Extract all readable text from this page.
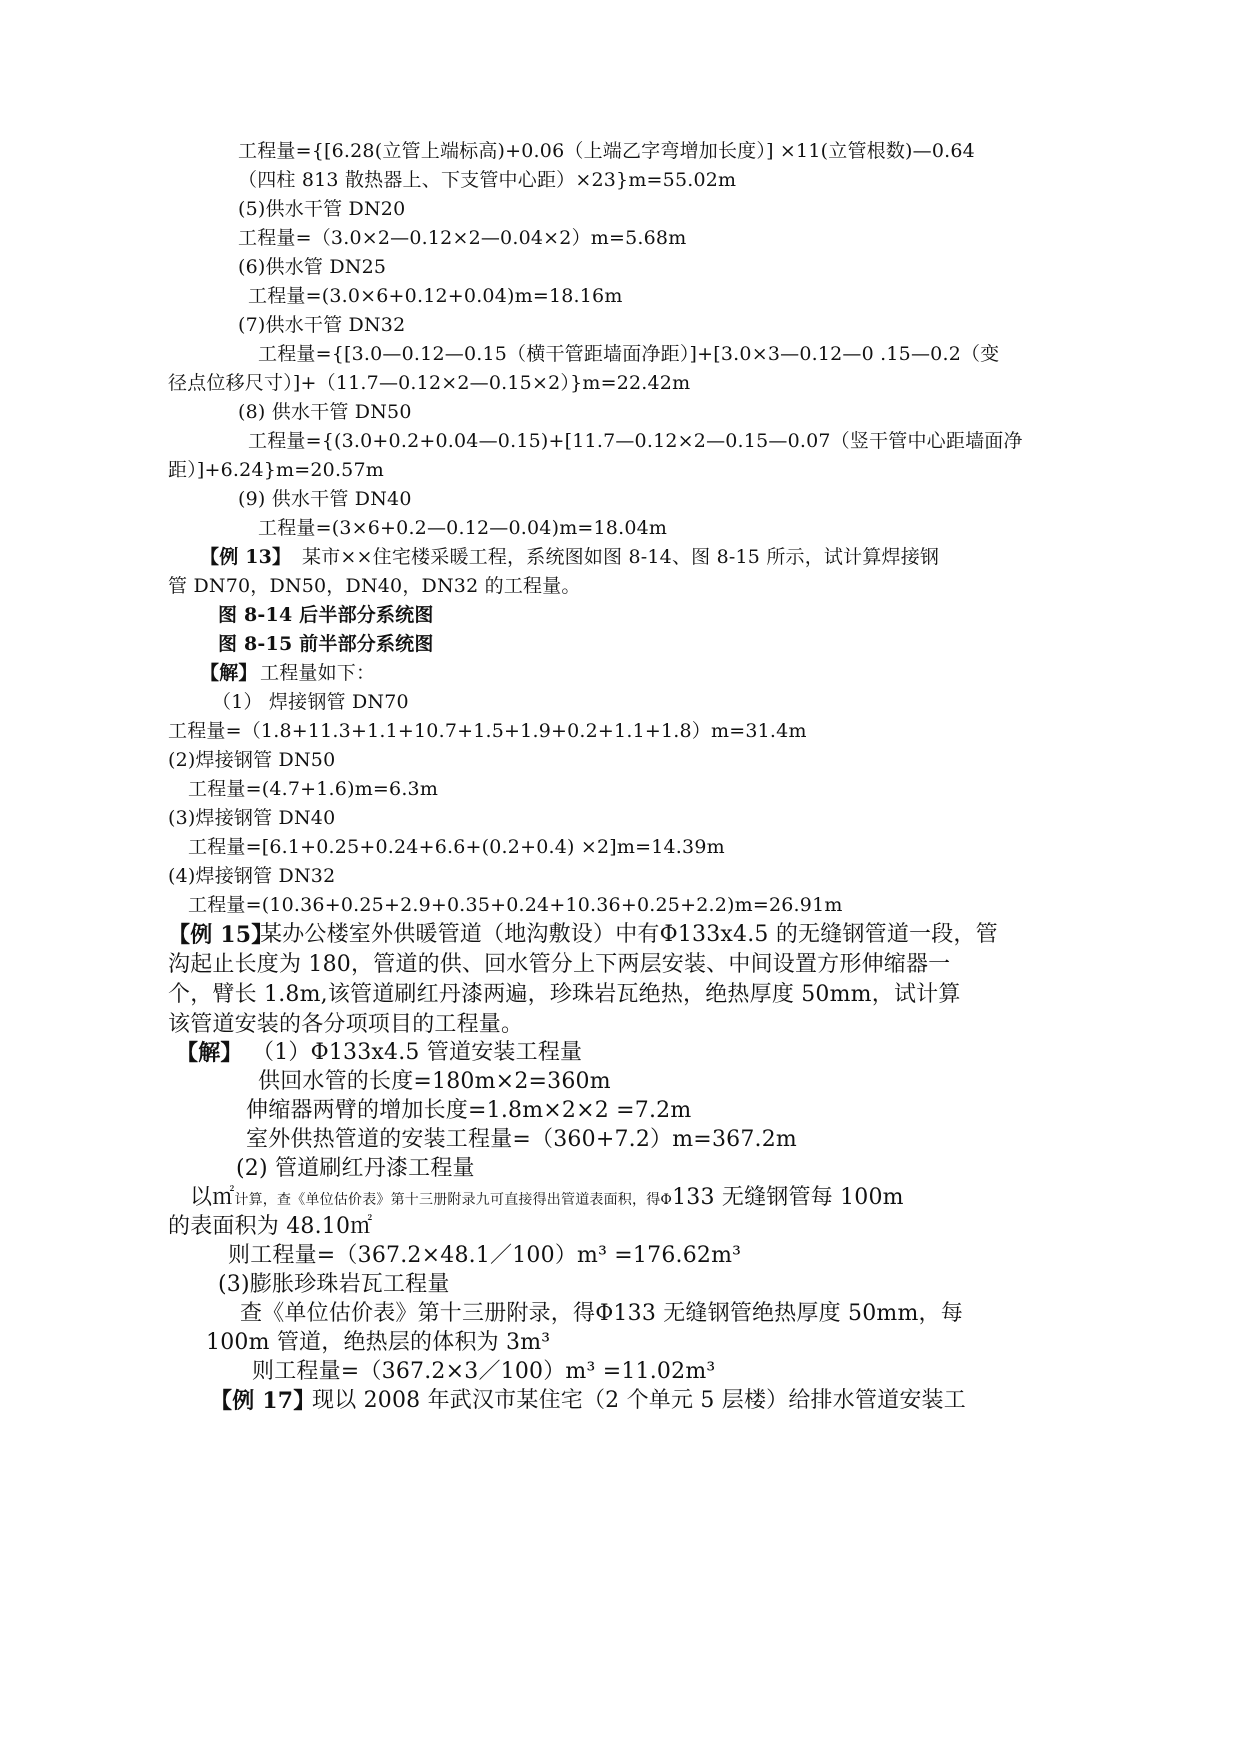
工程量={[6.28(立管上端标高)+0.06（上端乙字弯增加长度）] ×11(立管根数)—0.64
（四柱 813 散热器上、下支管中心距）×23}m=55.02m
(5)供水干管 DN20
工程量=（3.0×2—0.12×2—0.04×2）m=5.68m
(6)供水管 DN25
工程量=(3.0×6+0.12+0.04)m=18.16m
(7)供水干管 DN32
工程量={[3.0—0.12—0.15（横干管距墙面净距）]+[3.0×3—0.12—0 .15—0.2（变
径点位移尺寸）]+（11.7—0.12×2—0.15×2）}m=22.42m
(8) 供水干管 DN50
工程量={(3.0+0.2+0.04—0.15)+[11.7—0.12×2—0.15—0.07（竖干管中心距墙面净
距）]+6.24}m=20.57m
(9) 供水干管 DN40
工程量=(3×6+0.2—0.12—0.04)m=18.04m
【例 13】 某市××住宅楼采暖工程，系统图如图 8-14、图 8-15 所示，试计算焊接钢
管 DN70，DN50，DN40，DN32 的工程量。
图 8-14 后半部分系统图
图 8-15 前半部分系统图
【解】 工程量如下：
（1） 焊接钢管 DN70
工程量=（1.8+11.3+1.1+10.7+1.5+1.9+0.2+1.1+1.8）m=31.4m
(2)焊接钢管 DN50
工程量=(4.7+1.6)m=6.3m
(3)焊接钢管 DN40
工程量=[6.1+0.25+0.24+6.6+(0.2+0.4) ×2]m=14.39m
(4)焊接钢管 DN32
工程量=(10.36+0.25+2.9+0.35+0.24+10.36+0.25+2.2)m=26.91m
【例 15】
某办公楼室外供暖管道（地沟敷设）中有Φ133x4.5 的无缝钢管道一段，管
沟起止长度为 180，管道的供、回水管分上下两层安装、中间设置方形伸缩器一
个，臂长 1.8m,该管道刷红丹漆两遍，珍珠岩瓦绝热，绝热厚度 50mm，试计算
该管道安装的各分项项目的工程量。
【解】 （1）Φ133x4.5 管道安装工程量
供回水管的长度=180m×2=360m
伸缩器两臂的增加长度=1.8m×2×2 =7.2m
室外供热管道的安装工程量=（360+7.2）m=367.2m
(2) 管道刷红丹漆工程量
以㎡计算，查《单位估价表》第十三册附录九可直接得出管道表面积，得Φ133 无缝钢管每 100m
的表面积为 48.10㎡
则工程量=（367.2×48.1／100）m³ =176.62m³
(3)膨胀珍珠岩瓦工程量
查《单位估价表》第十三册附录，得Φ133 无缝钢管绝热厚度 50mm，每
100m 管道，绝热层的体积为 3m³
则工程量=（367.2×3／100）m³ =11.02m³
【例 17】
现以 2008 年武汉市某住宅（2 个单元 5 层楼）给排水管道安装工
